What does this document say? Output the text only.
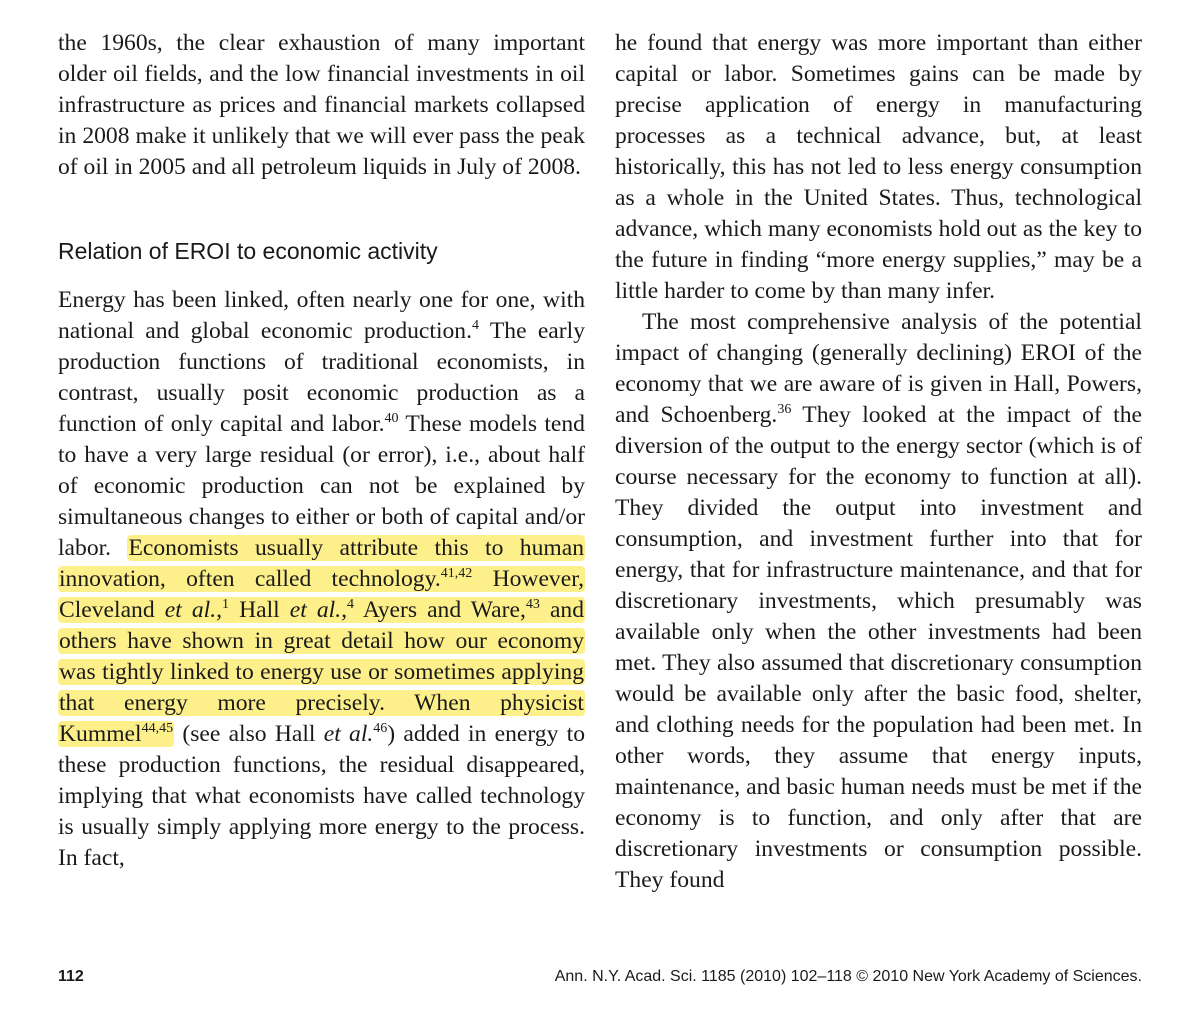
the 1960s, the clear exhaustion of many important older oil fields, and the low financial investments in oil infrastructure as prices and financial markets collapsed in 2008 make it unlikely that we will ever pass the peak of oil in 2005 and all petroleum liquids in July of 2008.

Relation of EROI to economic activity

Energy has been linked, often nearly one for one, with national and global economic production.$^4$ The early production functions of traditional economists, in contrast, usually posit economic production as a function of only capital and labor.$^{40}$ These models tend to have a very large residual (or error), i.e., about half of economic production can not be explained by simultaneous changes to either or both of capital and/or labor. Economists usually attribute this to human innovation, often called technology.$^{41,42}$ However, Cleveland et al.,$^1$ Hall et al.,$^4$ Ayers and Ware,$^{43}$ and others have shown in great detail how our economy was tightly linked to energy use or sometimes applying that energy more precisely. When physicist Kummel$^{44,45}$ (see also Hall et al.$^{46}$) added in energy to these production functions, the residual disappeared, implying that what economists have called technology is usually simply applying more energy to the process. In fact,

he found that energy was more important than either capital or labor. Sometimes gains can be made by precise application of energy in manufacturing processes as a technical advance, but, at least historically, this has not led to less energy consumption as a whole in the United States. Thus, technological advance, which many economists hold out as the key to the future in finding “more energy supplies,” may be a little harder to come by than many infer.

The most comprehensive analysis of the potential impact of changing (generally declining) EROI of the economy that we are aware of is given in Hall, Powers, and Schoenberg.$^{36}$ They looked at the impact of the diversion of the output to the energy sector (which is of course necessary for the economy to function at all). They divided the output into investment and consumption, and investment further into that for energy, that for infrastructure maintenance, and that for discretionary investments, which presumably was available only when the other investments had been met. They also assumed that discretionary consumption would be available only after the basic food, shelter, and clothing needs for the population had been met. In other words, they assume that energy inputs, maintenance, and basic human needs must be met if the economy is to function, and only after that are discretionary investments or consumption possible. They found

112	Ann. N.Y. Acad. Sci. 1185 (2010) 102–118 © 2010 New York Academy of Sciences.
